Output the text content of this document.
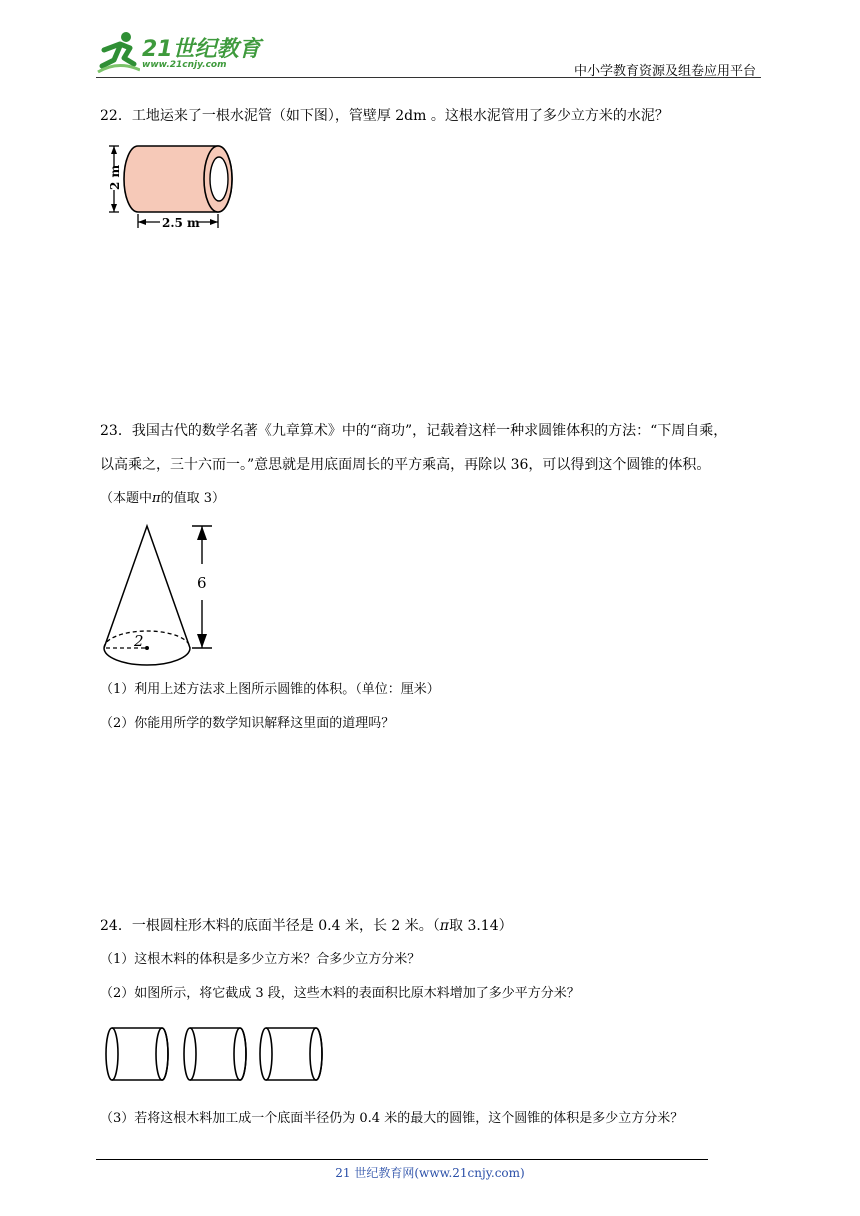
21世纪教育
www.21cnjy.com	中小学教育资源及组卷应用平台
22．工地运来了一根水泥管（如下图），管壁厚 2dm 。这根水泥管用了多少立方米的水泥？
2 m
2.5 m
23．我国古代的数学名著《九章算术》中的“商功”，记载着这样一种求圆锥体积的方法：“下周自乘，
以高乘之，三十六而一。”意思就是用底面周长的平方乘高，再除以 36，可以得到这个圆锥的体积。
（本题中π的值取 3）
2
6
（1）利用上述方法求上图所示圆锥的体积。（单位：厘米）
（2）你能用所学的数学知识解释这里面的道理吗？
24．一根圆柱形木料的底面半径是 0.4 米，长 2 米。（π取 3.14）
（1）这根木料的体积是多少立方米？合多少立方分米？
（2）如图所示，将它截成 3 段，这些木料的表面积比原木料增加了多少平方分米？
（3）若将这根木料加工成一个底面半径仍为 0.4 米的最大的圆锥，这个圆锥的体积是多少立方分米？
21 世纪教育网(www.21cnjy.com)
